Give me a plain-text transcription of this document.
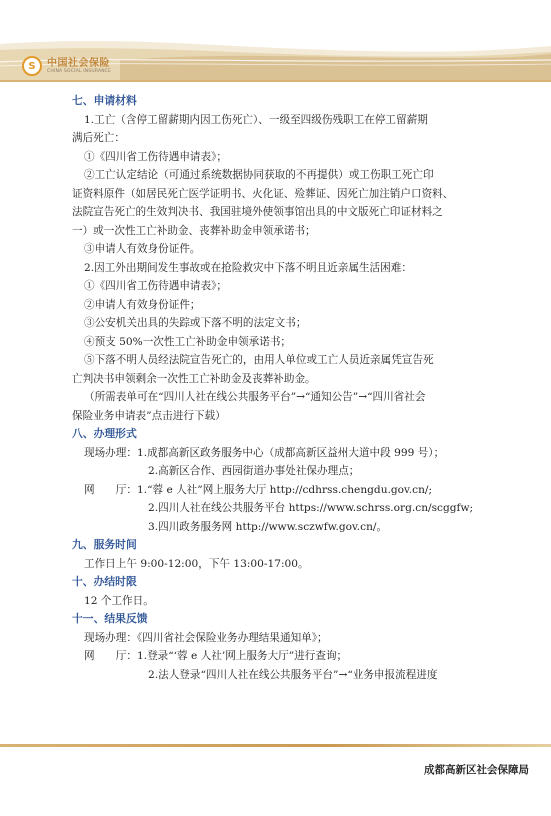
S	中国社会保险
CHINA SOCIAL INSURANCE
七、申请材料
1.工亡（含停工留薪期内因工伤死亡）、一级至四级伤残职工在停工留薪期
满后死亡：
①《四川省工伤待遇申请表》；
②工亡认定结论（可通过系统数据协同获取的不再提供）或工伤职工死亡印
证资料原件（如居民死亡医学证明书、火化证、殓葬证、因死亡加注销户口资料、
法院宣告死亡的生效判决书、我国驻境外使领事馆出具的中文版死亡印证材料之
一）或一次性工亡补助金、丧葬补助金申领承诺书；
③申请人有效身份证件。
2.因工外出期间发生事故或在抢险救灾中下落不明且近亲属生活困难：
①《四川省工伤待遇申请表》；
②申请人有效身份证件；
③公安机关出具的失踪或下落不明的法定文书；
④预支 50%一次性工亡补助金申领承诺书；
⑤下落不明人员经法院宣告死亡的，由用人单位或工亡人员近亲属凭宣告死
亡判决书申领剩余一次性工亡补助金及丧葬补助金。
（所需表单可在“四川人社在线公共服务平台”→“通知公告”→“四川省社会
保险业务申请表”点击进行下载）
八、办理形式
现场办理：1.成都高新区政务服务中心（成都高新区益州大道中段 999 号）；
2.高新区合作、西园街道办事处社保办理点；
网　　厅：1.“蓉 e 人社”网上服务大厅 http://cdhrss.chengdu.gov.cn/;
2.四川人社在线公共服务平台 https://www.schrss.org.cn/scggfw;
3.四川政务服务网 http://www.sczwfw.gov.cn/。
九、服务时间
工作日上午 9:00-12:00，下午 13:00-17:00。
十、办结时限
12 个工作日。
十一、结果反馈
现场办理：《四川省社会保险业务办理结果通知单》；
网　　厅：1.登录“‘蓉 e 人社’网上服务大厅”进行查询；
2.法人登录“四川人社在线公共服务平台”→“业务申报流程进度
成都高新区社会保障局
